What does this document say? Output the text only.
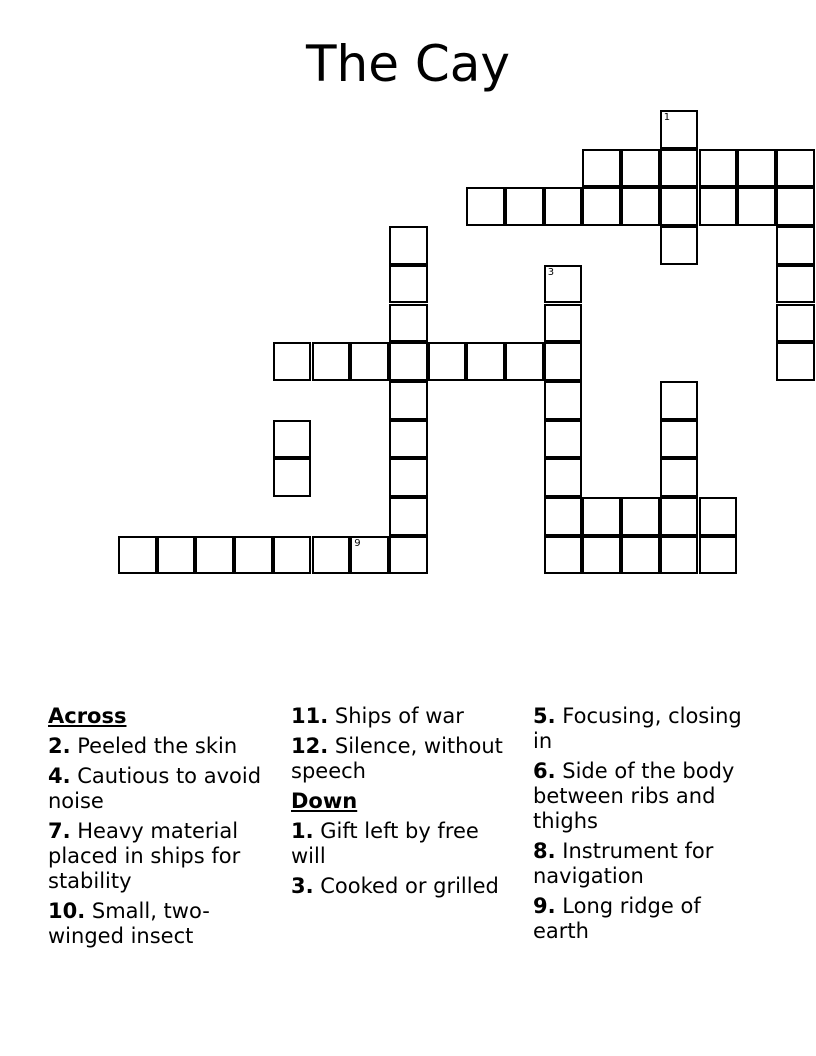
The Cay
9
3
1
Across
2. Peeled the skin
4. Cautious to avoid noise
7. Heavy material placed in ships for stability
10. Small, two-winged insect
11. Ships of war
12. Silence, without speech
Down
1. Gift left by free will
3. Cooked or grilled
5. Focusing, closing in
6. Side of the body between ribs and thighs
8. Instrument for navigation
9. Long ridge of earth
